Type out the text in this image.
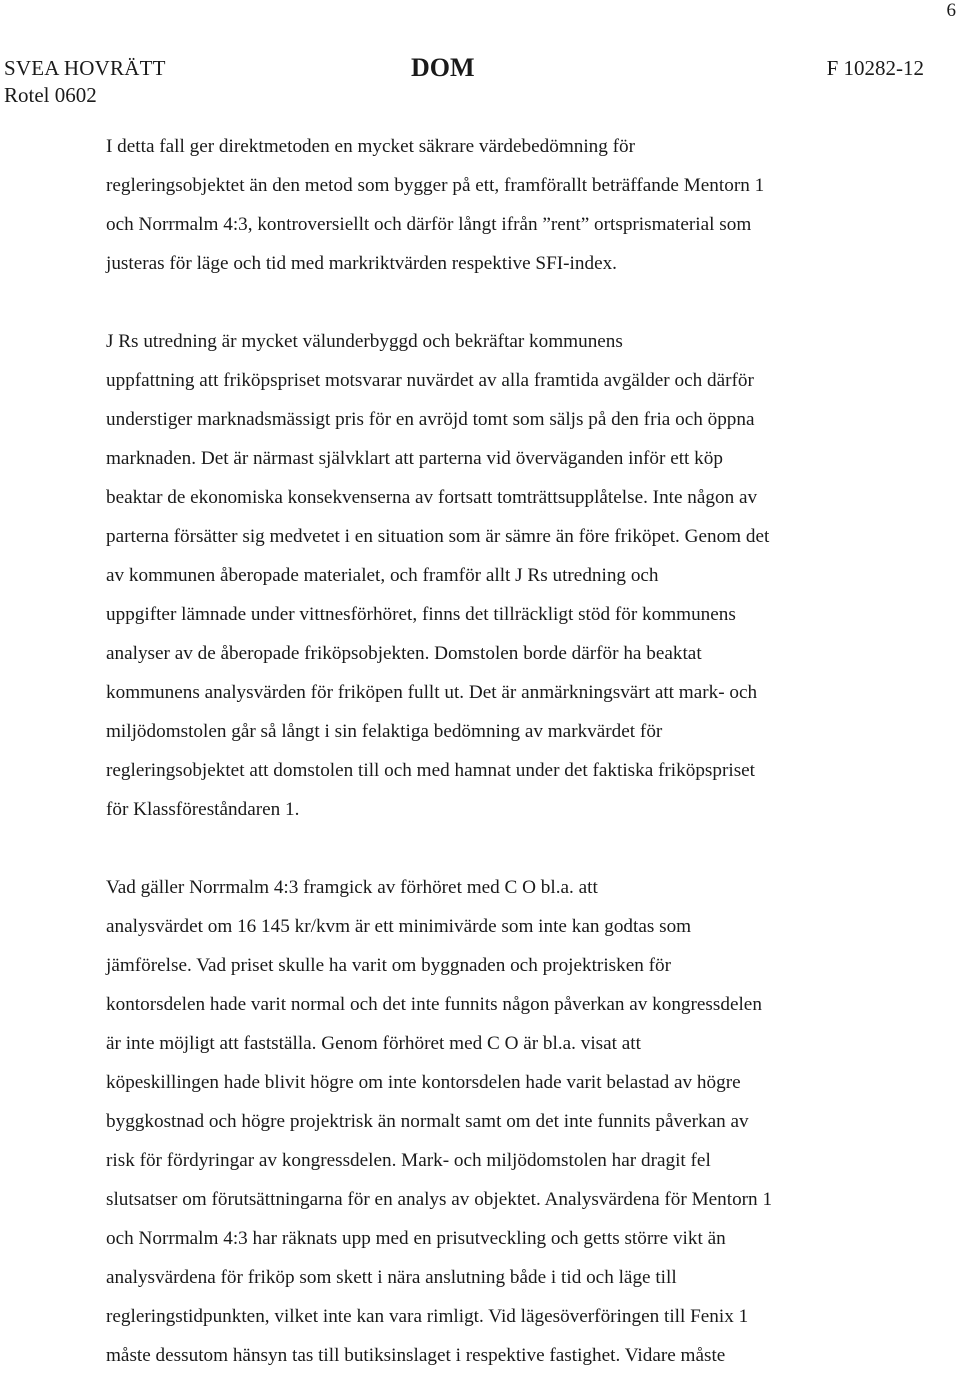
6
SVEA HOVRÄTT
Rotel 0602
DOM	F 10282-12

I detta fall ger direktmetoden en mycket säkrare värdebedömning för
regleringsobjektet än den metod som bygger på ett, framförallt beträffande Mentorn 1
och Norrmalm 4:3, kontroversiellt och därför långt ifrån ”rent” ortsprismaterial som
justeras för läge och tid med markriktvärden respektive SFI-index.

J Rs utredning är mycket välunderbyggd och bekräftar kommunens
uppfattning att friköpspriset motsvarar nuvärdet av alla framtida avgälder och därför
understiger marknadsmässigt pris för en avröjd tomt som säljs på den fria och öppna
marknaden. Det är närmast självklart att parterna vid överväganden inför ett köp
beaktar de ekonomiska konsekvenserna av fortsatt tomträttsupplåtelse. Inte någon av
parterna försätter sig medvetet i en situation som är sämre än före friköpet. Genom det
av kommunen åberopade materialet, och framför allt J Rs utredning och
uppgifter lämnade under vittnesförhöret, finns det tillräckligt stöd för kommunens
analyser av de åberopade friköpsobjekten. Domstolen borde därför ha beaktat
kommunens analysvärden för friköpen fullt ut. Det är anmärkningsvärt att mark- och
miljödomstolen går så långt i sin felaktiga bedömning av markvärdet för
regleringsobjektet att domstolen till och med hamnat under det faktiska friköpspriset
för Klassföreståndaren 1.

Vad gäller Norrmalm 4:3 framgick av förhöret med C O bl.a. att
analysvärdet om 16 145 kr/kvm är ett minimivärde som inte kan godtas som
jämförelse. Vad priset skulle ha varit om byggnaden och projektrisken för
kontorsdelen hade varit normal och det inte funnits någon påverkan av kongressdelen
är inte möjligt att fastställa. Genom förhöret med C O är bl.a. visat att
köpeskillingen hade blivit högre om inte kontorsdelen hade varit belastad av högre
byggkostnad och högre projektrisk än normalt samt om det inte funnits påverkan av
risk för fördyringar av kongressdelen. Mark- och miljödomstolen har dragit fel
slutsatser om förutsättningarna för en analys av objektet. Analysvärdena för Mentorn 1
och Norrmalm 4:3 har räknats upp med en prisutveckling och getts större vikt än
analysvärdena för friköp som skett i nära anslutning både i tid och läge till
regleringstidpunkten, vilket inte kan vara rimligt. Vid lägesöverföringen till Fenix 1
måste dessutom hänsyn tas till butiksinslaget i respektive fastighet. Vidare måste
